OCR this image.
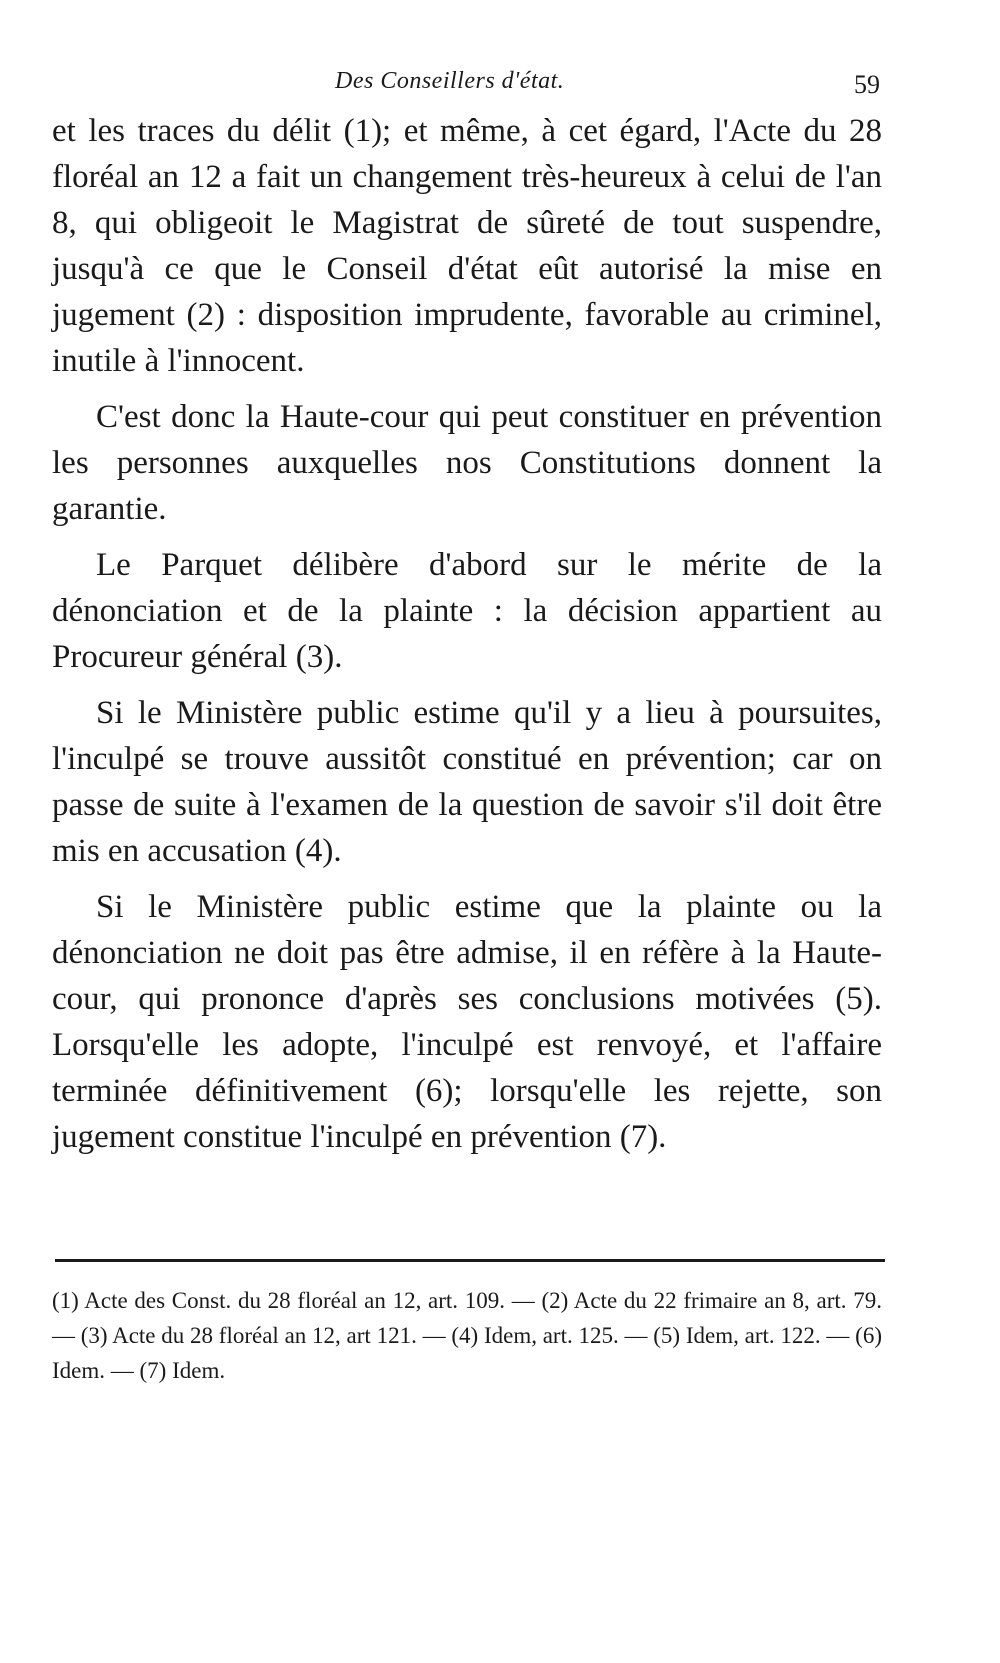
Des Conseillers d'état.	59

et les traces du délit (1); et même, à cet égard, l'Acte du 28 floréal an 12 a fait un changement très-heureux à celui de l'an 8, qui obligeoit le Magistrat de sûreté de tout suspendre, jusqu'à ce que le Conseil d'état eût autorisé la mise en jugement (2) : disposition imprudente, favorable au criminel, inutile à l'innocent.

C'est donc la Haute-cour qui peut constituer en prévention les personnes auxquelles nos Constitutions donnent la garantie.

Le Parquet délibère d'abord sur le mérite de la dénonciation et de la plainte : la décision appartient au Procureur général (3).

Si le Ministère public estime qu'il y a lieu à poursuites, l'inculpé se trouve aussitôt constitué en prévention; car on passe de suite à l'examen de la question de savoir s'il doit être mis en accusation (4).

Si le Ministère public estime que la plainte ou la dénonciation ne doit pas être admise, il en réfère à la Haute-cour, qui prononce d'après ses conclusions motivées (5). Lorsqu'elle les adopte, l'inculpé est renvoyé, et l'affaire terminée définitivement (6); lorsqu'elle les rejette, son jugement constitue l'inculpé en prévention (7).

(1) Acte des Const. du 28 floréal an 12, art. 109. — (2) Acte du 22 frimaire an 8, art. 79. — (3) Acte du 28 floréal an 12, art 121. — (4) Idem, art. 125. — (5) Idem, art. 122. — (6) Idem. — (7) Idem.
